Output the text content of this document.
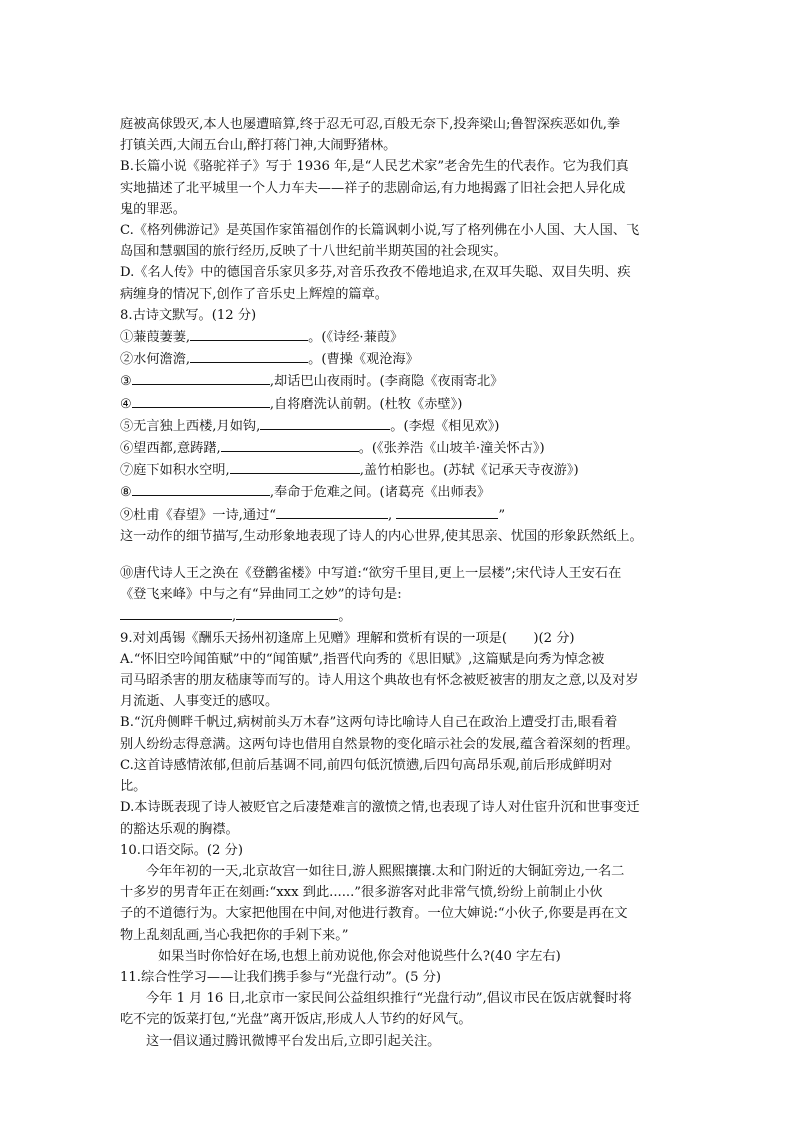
庭被高俅毁灭,本人也屡遭暗算,终于忍无可忍,百般无奈下,投奔梁山;鲁智深疾恶如仇,拳

打镇关西,大闹五台山,醉打蒋门神,大闹野猪林。

B.长篇小说《骆驼祥子》写于 1936 年,是“人民艺术家”老舍先生的代表作。它为我们真

实地描述了北平城里一个人力车夫——祥子的悲剧命运,有力地揭露了旧社会把人异化成

鬼的罪恶。

C.《格列佛游记》是英国作家笛福创作的长篇讽刺小说,写了格列佛在小人国、大人国、飞

岛国和慧骃国的旅行经历,反映了十八世纪前半期英国的社会现实。

D.《名人传》中的德国音乐家贝多芬,对音乐孜孜不倦地追求,在双耳失聪、双目失明、疾

病缠身的情况下,创作了音乐史上辉煌的篇章。

8.古诗文默写。(12 分)

①蒹葭萋萋,	。(《诗经·蒹葭》

②水何澹澹,	。(曹操《观沧海》

③	,却话巴山夜雨时。(李商隐《夜雨寄北》

④	,自将磨洗认前朝。(杜牧《赤壁》)

⑤无言独上西楼,月如钩,	。(李煜《相见欢》)

⑥望西都,意踌躇,	。(《张养浩《山坡羊·潼关怀古》)

⑦庭下如积水空明,	,盖竹柏影也。(苏轼《记承天寺夜游》)

⑧	,奉命于危难之间。(诸葛亮《出师表》

⑨杜甫《春望》一诗,通过“	,	”

这一动作的细节描写,生动形象地表现了诗人的内心世界,使其思亲、忧国的形象跃然纸上。

⑩唐代诗人王之涣在《登鹳雀楼》中写道:“欲穷千里目,更上一层楼”;宋代诗人王安石在

《登飞来峰》中与之有“异曲同工之妙”的诗句是:

,	。

9.对刘禹锡《酬乐天扬州初逢席上见赠》理解和赏析有误的一项是(　　)(2 分)

A.“怀旧空吟闻笛赋”中的“闻笛赋”,指晋代向秀的《思旧赋》,这篇赋是向秀为悼念被

司马昭杀害的朋友嵇康等而写的。诗人用这个典故也有怀念被贬被害的朋友之意,以及对岁

月流逝、人事变迁的感叹。

B.“沉舟侧畔千帆过,病树前头万木春”这两句诗比喻诗人自己在政治上遭受打击,眼看着

别人纷纷志得意满。这两句诗也借用自然景物的变化暗示社会的发展,蕴含着深刻的哲理。

C.这首诗感情浓郁,但前后基调不同,前四句低沉愤懑,后四句高昂乐观,前后形成鲜明对

比。

D.本诗既表现了诗人被贬官之后凄楚难言的激愤之情,也表现了诗人对仕宦升沉和世事变迁

的豁达乐观的胸襟。

10.口语交际。(2 分)

今年年初的一天,北京故宫一如往日,游人熙熙攘攘.太和门附近的大铜缸旁边,一名二

十多岁的男青年正在刻画:“xxx 到此......”很多游客对此非常气愤,纷纷上前制止小伙

子的不道德行为。大家把他围在中间,对他进行教育。一位大婶说:“小伙子,你要是再在文

物上乱刻乱画,当心我把你的手剁下来。”

如果当时你恰好在场,也想上前劝说他,你会对他说些什么?(40 字左右)

11.综合性学习——让我们携手参与“光盘行动”。(5 分)

今年 1 月 16 日,北京市一家民间公益组织推行“光盘行动”,倡议市民在饭店就餐时将

吃不完的饭菜打包,“光盘”离开饭店,形成人人节约的好风气。

这一倡议通过腾讯微博平台发出后,立即引起关注。
